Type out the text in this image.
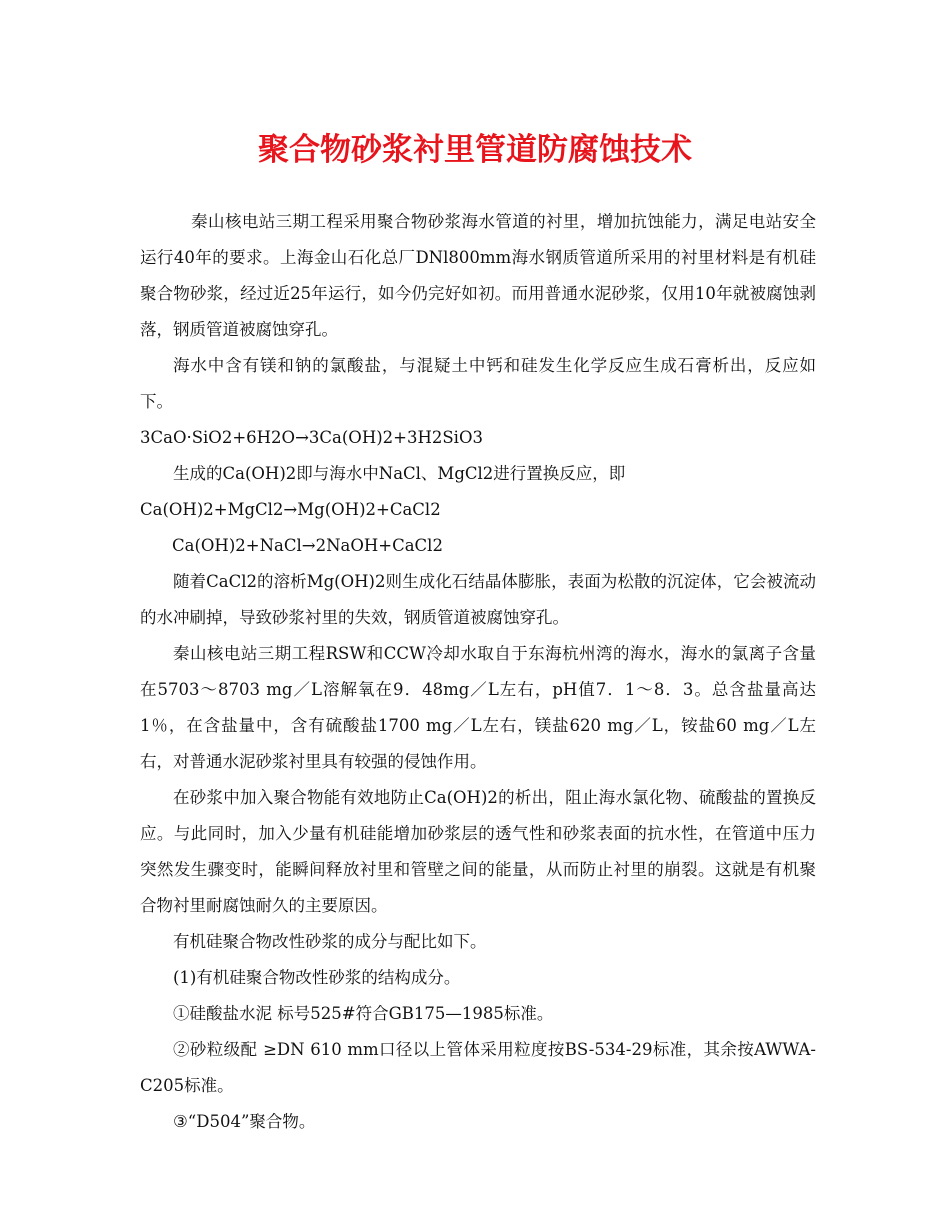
聚合物砂浆衬里管道防腐蚀技术

秦山核电站三期工程采用聚合物砂浆海水管道的衬里，增加抗蚀能力，满足电站安全运行40年的要求。上海金山石化总厂DNl800mm海水钢质管道所采用的衬里材料是有机硅聚合物砂浆，经过近25年运行，如今仍完好如初。而用普通水泥砂浆，仅用10年就被腐蚀剥落，钢质管道被腐蚀穿孔。

海水中含有镁和钠的氯酸盐，与混疑土中钙和硅发生化学反应生成石膏析出，反应如下。

3CaO·SiO2+6H2O→3Ca(OH)2+3H2SiO3

生成的Ca(OH)2即与海水中NaCl、MgCl2进行置换反应，即

Ca(OH)2+MgCl2→Mg(OH)2+CaCl2

Ca(OH)2+NaCl→2NaOH+CaCl2

随着CaCl2的溶析Mg(OH)2则生成化石结晶体膨胀，表面为松散的沉淀体，它会被流动的水冲刷掉，导致砂浆衬里的失效，钢质管道被腐蚀穿孔。

秦山核电站三期工程RSW和CCW冷却水取自于东海杭州湾的海水，海水的氯离子含量在5703～8703 mg／L溶解氧在9．48mg／L左右，pH值7．1～8．3。总含盐量高达1％，在含盐量中，含有硫酸盐1700 mg／L左右，镁盐620 mg／L，铵盐60 mg／L左右，对普通水泥砂浆衬里具有较强的侵蚀作用。

在砂浆中加入聚合物能有效地防止Ca(OH)2的析出，阻止海水氯化物、硫酸盐的置换反应。与此同时，加入少量有机硅能增加砂浆层的透气性和砂浆表面的抗水性，在管道中压力突然发生骤变时，能瞬间释放衬里和管壁之间的能量，从而防止衬里的崩裂。这就是有机聚合物衬里耐腐蚀耐久的主要原因。

有机硅聚合物改性砂浆的成分与配比如下。

(1)有机硅聚合物改性砂浆的结构成分。

①硅酸盐水泥 标号525#符合GB175—1985标准。

②砂粒级配 ≥DN 610 mm口径以上管体采用粒度按BS-534-29标准，其余按AWWA-C205标准。

③“D504”聚合物。
